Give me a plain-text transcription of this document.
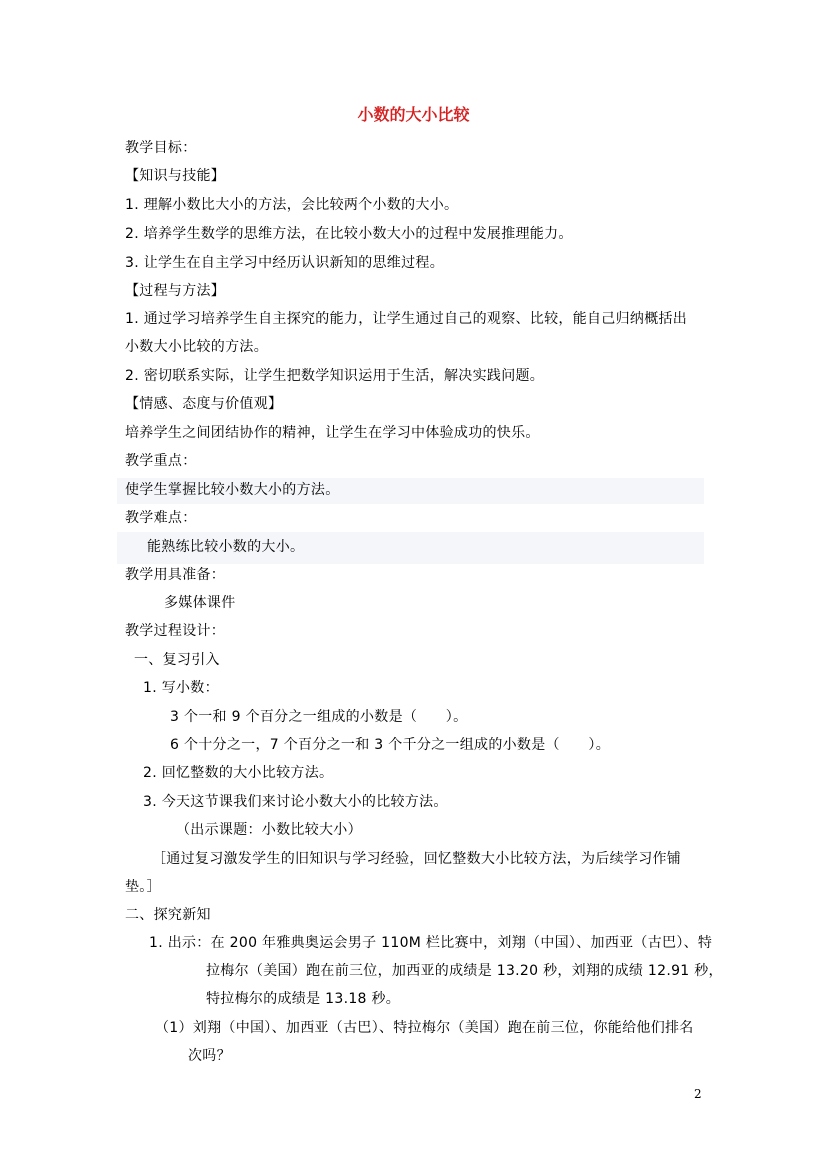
小数的大小比较
教学目标：
【知识与技能】
1. 理解小数比大小的方法，会比较两个小数的大小。
2. 培养学生数学的思维方法，在比较小数大小的过程中发展推理能力。
3. 让学生在自主学习中经历认识新知的思维过程。
【过程与方法】
1. 通过学习培养学生自主探究的能力，让学生通过自己的观察、比较，能自己归纳概括出
小数大小比较的方法。
2. 密切联系实际，让学生把数学知识运用于生活，解决实践问题。
【情感、态度与价值观】
培养学生之间团结协作的精神，让学生在学习中体验成功的快乐。
教学重点：
使学生掌握比较小数大小的方法。
教学难点：
能熟练比较小数的大小。
教学用具准备：
多媒体课件
教学过程设计：
一、复习引入
1. 写小数：
3 个一和 9 个百分之一组成的小数是（　　）。
6 个十分之一，7 个百分之一和 3 个千分之一组成的小数是（　　）。
2. 回忆整数的大小比较方法。
3. 今天这节课我们来讨论小数大小的比较方法。
（出示课题：小数比较大小）
［通过复习激发学生的旧知识与学习经验，回忆整数大小比较方法，为后续学习作铺
垫。］
二、探究新知
1. 出示：在 200 年雅典奥运会男子 110M 栏比赛中，刘翔（中国）、加西亚（古巴）、特
拉梅尔（美国）跑在前三位，加西亚的成绩是 13.20 秒，刘翔的成绩 12.91 秒，
特拉梅尔的成绩是 13.18 秒。
（1）刘翔（中国）、加西亚（古巴）、特拉梅尔（美国）跑在前三位，你能给他们排名
次吗？
2
